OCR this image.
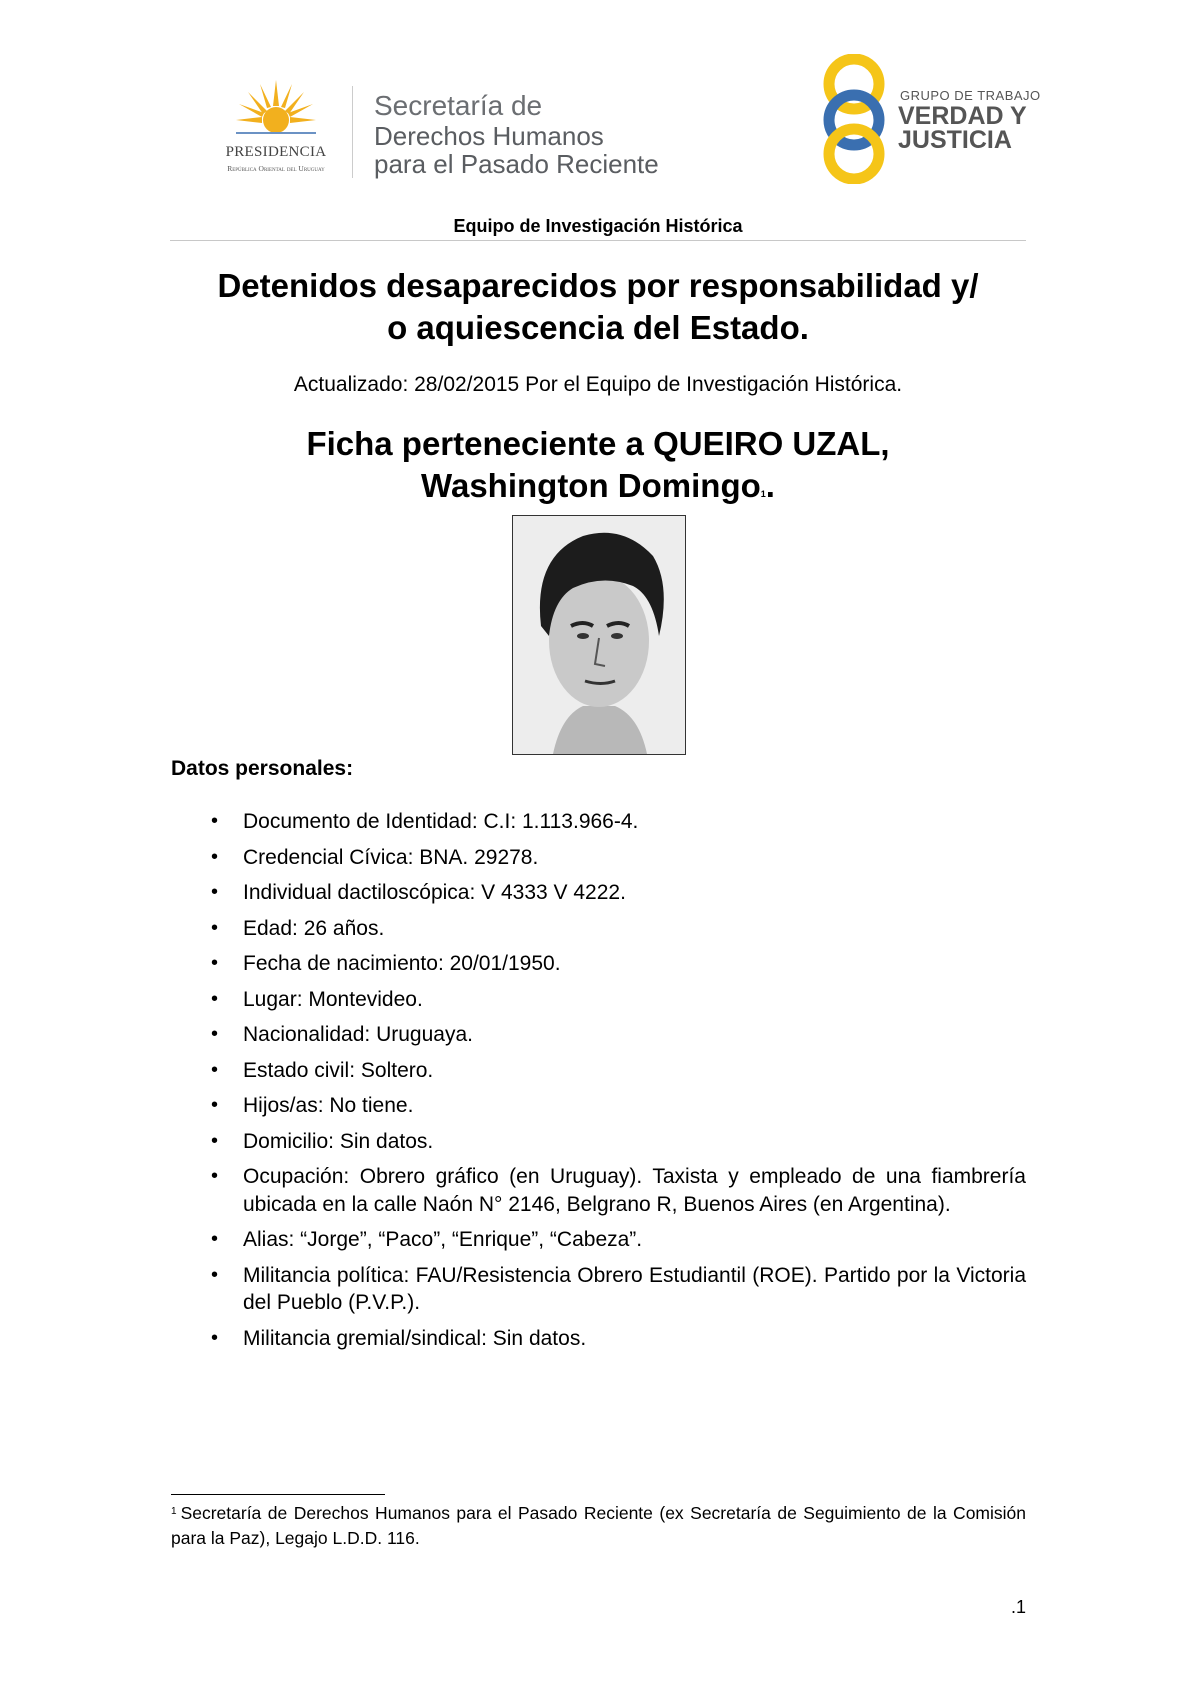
PRESIDENCIA
República Oriental del Uruguay
Secretaría de
Derechos Humanos
para el Pasado Reciente
GRUPO DE TRABAJO
VERDAD Y
JUSTICIA
Equipo de Investigación Histórica
Detenidos desaparecidos por responsabilidad y/
o aquiescencia del Estado.
Actualizado: 28/02/2015 Por el Equipo de Investigación Histórica.
Ficha perteneciente a QUEIRO UZAL,
Washington Domingo$^1$.
Datos personales:
• Documento de Identidad: C.I: 1.113.966-4.
• Credencial Cívica: BNA. 29278.
• Individual dactiloscópica: V 4333 V 4222.
• Edad: 26 años.
• Fecha de nacimiento: 20/01/1950.
• Lugar: Montevideo.
• Nacionalidad: Uruguaya.
• Estado civil: Soltero.
• Hijos/as: No tiene.
• Domicilio: Sin datos.
• Ocupación: Obrero gráfico (en Uruguay). Taxista y empleado de una fiambrería ubicada en la calle Naón N° 2146, Belgrano R, Buenos Aires (en Argentina).
• Alias: “Jorge”, “Paco”, “Enrique”, “Cabeza”.
• Militancia política: FAU/Resistencia Obrero Estudiantil (ROE). Partido por la Victoria del Pueblo (P.V.P.).
• Militancia gremial/sindical: Sin datos.
$^1$ Secretaría de Derechos Humanos para el Pasado Reciente (ex Secretaría de Seguimiento de la Comisión para la Paz), Legajo L.D.D. 116.
.1
